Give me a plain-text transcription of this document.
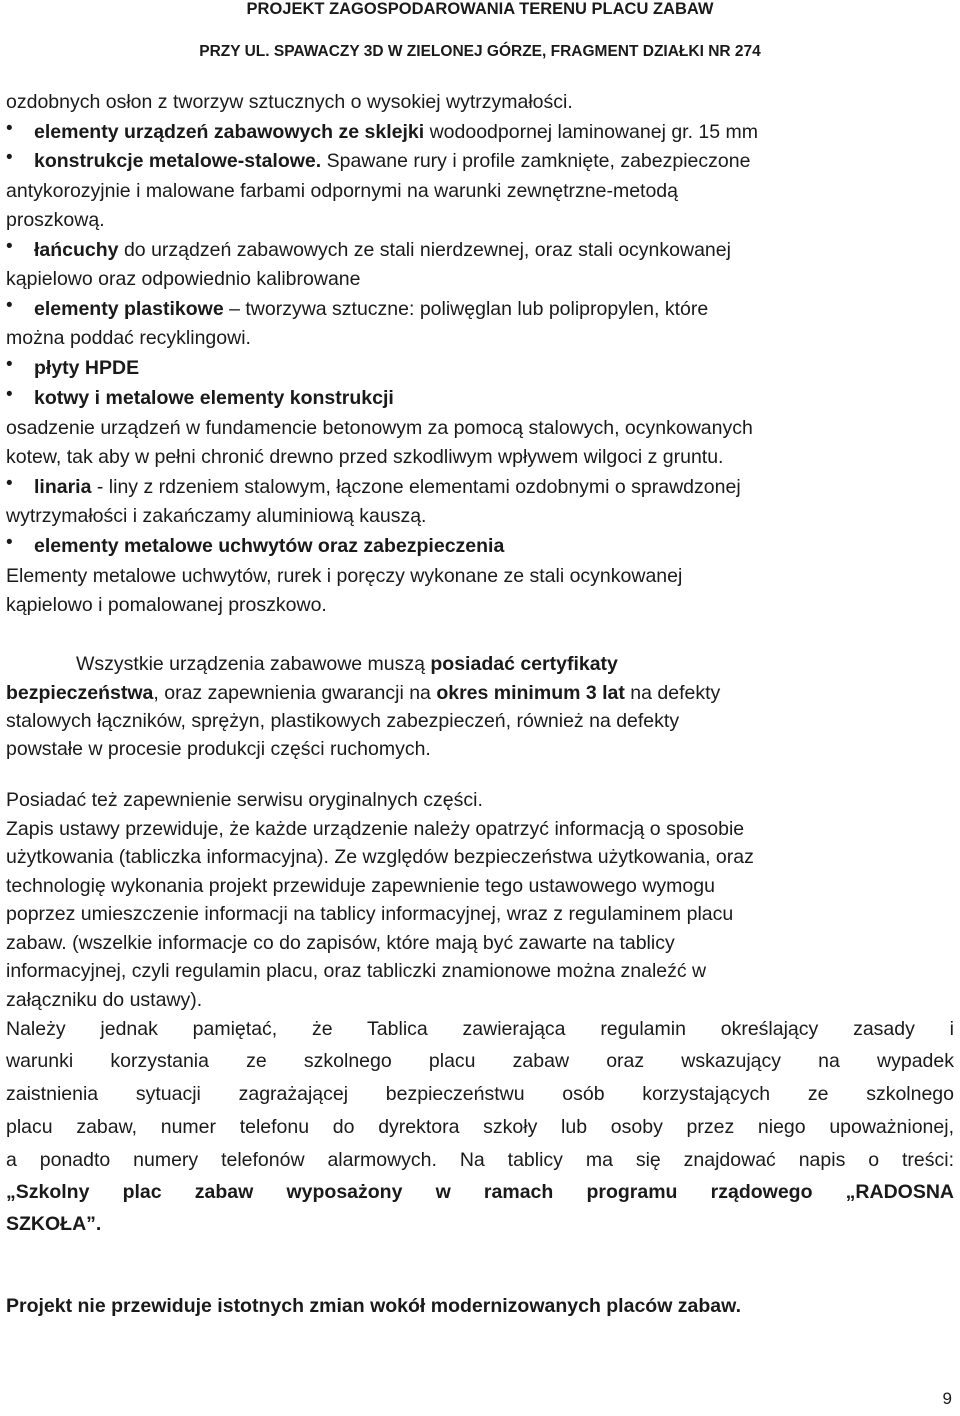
PROJEKT ZAGOSPODAROWANIA TERENU PLACU ZABAW
PRZY UL. SPAWACZY 3D W ZIELONEJ GÓRZE, FRAGMENT DZIAŁKI NR 274
ozdobnych osłon z tworzyw sztucznych o wysokiej wytrzymałości.
• elementy urządzeń zabawowych ze sklejki wodoodpornej laminowanej gr. 15 mm
• konstrukcje metalowe-stalowe. Spawane rury i profile zamknięte, zabezpieczone
antykorozyjnie i malowane farbami odpornymi na warunki zewnętrzne-metodą
proszkową.
• łańcuchy do urządzeń zabawowych ze stali nierdzewnej, oraz stali ocynkowanej
kąpielowo oraz odpowiednio kalibrowane
• elementy plastikowe – tworzywa sztuczne: poliwęglan lub polipropylen, które
można poddać recyklingowi.
• płyty HPDE
• kotwy i metalowe elementy konstrukcji
osadzenie urządzeń w fundamencie betonowym za pomocą stalowych, ocynkowanych
kotew, tak aby w pełni chronić drewno przed szkodliwym wpływem wilgoci z gruntu.
• linaria - liny z rdzeniem stalowym, łączone elementami ozdobnymi o sprawdzonej
wytrzymałości i zakańczamy aluminiową kauszą.
• elementy metalowe uchwytów oraz zabezpieczenia
Elementy metalowe uchwytów, rurek i poręczy wykonane ze stali ocynkowanej
kąpielowo i pomalowanej proszkowo.
Wszystkie urządzenia zabawowe muszą posiadać certyfikaty
bezpieczeństwa, oraz zapewnienia gwarancji na okres minimum 3 lat na defekty
stalowych łączników, sprężyn, plastikowych zabezpieczeń, również na defekty
powstałe w procesie produkcji części ruchomych.
Posiadać też zapewnienie serwisu oryginalnych części.
Zapis ustawy przewiduje, że każde urządzenie należy opatrzyć informacją o sposobie
użytkowania (tabliczka informacyjna). Ze względów bezpieczeństwa użytkowania, oraz
technologię wykonania projekt przewiduje zapewnienie tego ustawowego wymogu
poprzez umieszczenie informacji na tablicy informacyjnej, wraz z regulaminem placu
zabaw. (wszelkie informacje co do zapisów, które mają być zawarte na tablicy
informacyjnej, czyli regulamin placu, oraz tabliczki znamionowe można znaleźć w
załączniku do ustawy).
Należy jednak pamiętać, że Tablica zawierająca regulamin określający zasady i
warunki korzystania ze szkolnego placu zabaw oraz wskazujący na wypadek
zaistnienia sytuacji zagrażającej bezpieczeństwu osób korzystających ze szkolnego
placu zabaw, numer telefonu do dyrektora szkoły lub osoby przez niego upoważnionej,
a ponadto numery telefonów alarmowych. Na tablicy ma się znajdować napis o treści:
„Szkolny plac zabaw wyposażony w ramach programu rządowego „RADOSNA
SZKOŁA”.
Projekt nie przewiduje istotnych zmian wokół modernizowanych placów zabaw.
9
